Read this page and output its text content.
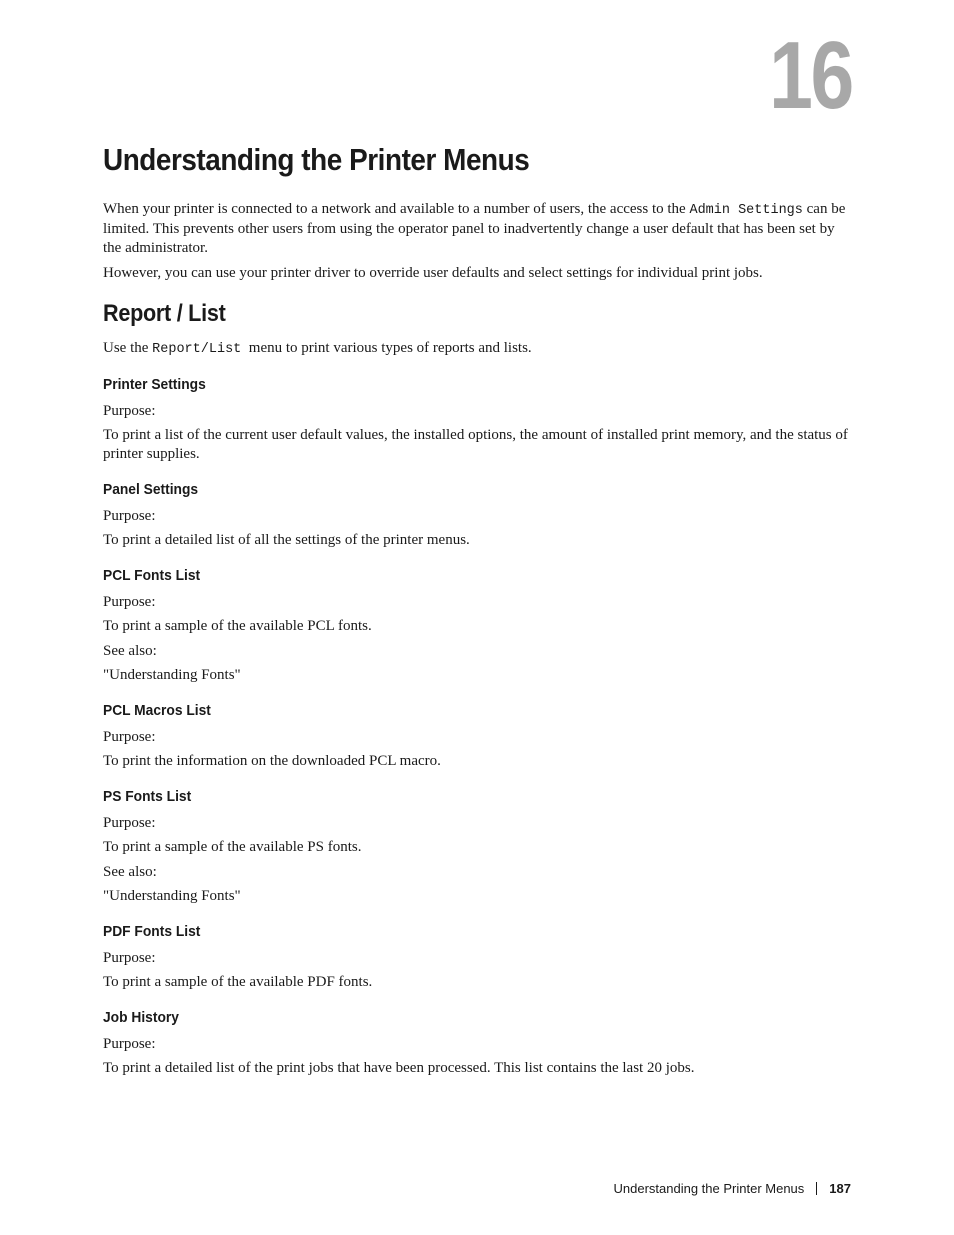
16
Understanding the Printer Menus

When your printer is connected to a network and available to a number of users, the access to the Admin Settings can be limited. This prevents other users from using the operator panel to inadvertently change a user default that has been set by the administrator.

However, you can use your printer driver to override user defaults and select settings for individual print jobs.

Report / List

Use the Report/List  menu to print various types of reports and lists.

Printer Settings

Purpose:

To print a list of the current user default values, the installed options, the amount of installed print memory, and the status of printer supplies.

Panel Settings

Purpose:

To print a detailed list of all the settings of the printer menus.

PCL Fonts List

Purpose:

To print a sample of the available PCL fonts.

See also:

"Understanding Fonts"

PCL Macros List

Purpose:

To print the information on the downloaded PCL macro.

PS Fonts List

Purpose:

To print a sample of the available PS fonts.

See also:

"Understanding Fonts"

PDF Fonts List

Purpose:

To print a sample of the available PDF fonts.

Job History

Purpose:

To print a detailed list of the print jobs that have been processed. This list contains the last 20 jobs.

Understanding the Printer Menus 187
